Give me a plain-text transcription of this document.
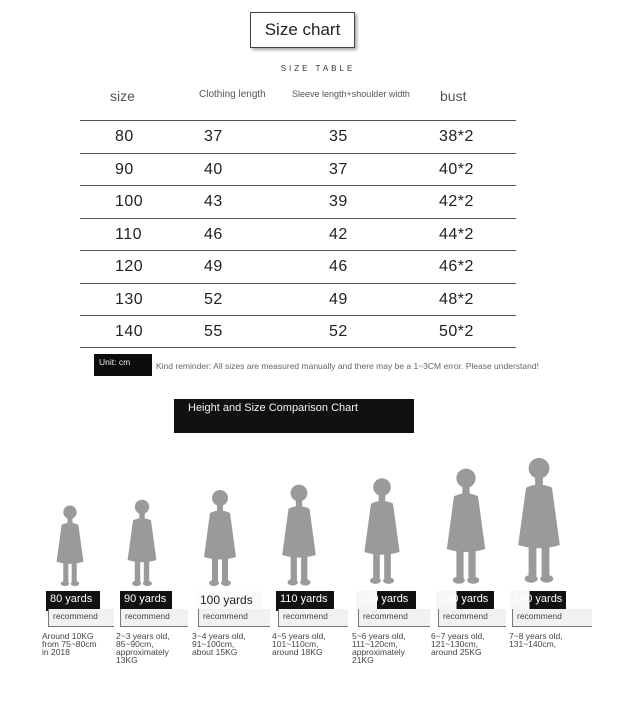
Size chart
SIZE TABLE
size	Clothing length	Sleeve length+shoulder width	bust
80	37	35	38*2
90	40	37	40*2
100	43	39	42*2
110	46	42	44*2
120	49	46	46*2
130	52	49	48*2
140	55	52	50*2
Unit: cm	Kind reminder: All sizes are measured manually and there may be a 1~3CM error. Please understand!
Height and Size Comparison Chart
80 yards	90 yards	100 yards	110 yards	120 yards	130 yards	140 yards
recommend	recommend	recommend	recommend	recommend	recommend	recommend
Around 10KG from 75~80cm in 2018
2~3 years old, 85~90cm, approximately 13KG
3~4 years old, 91~100cm, about 15KG
4~5 years old, 101~110cm, around 18KG
5~6 years old, 111~120cm, approximately 21KG
6~7 years old, 121~130cm, around 25KG
7~8 years old, 131~140cm,
